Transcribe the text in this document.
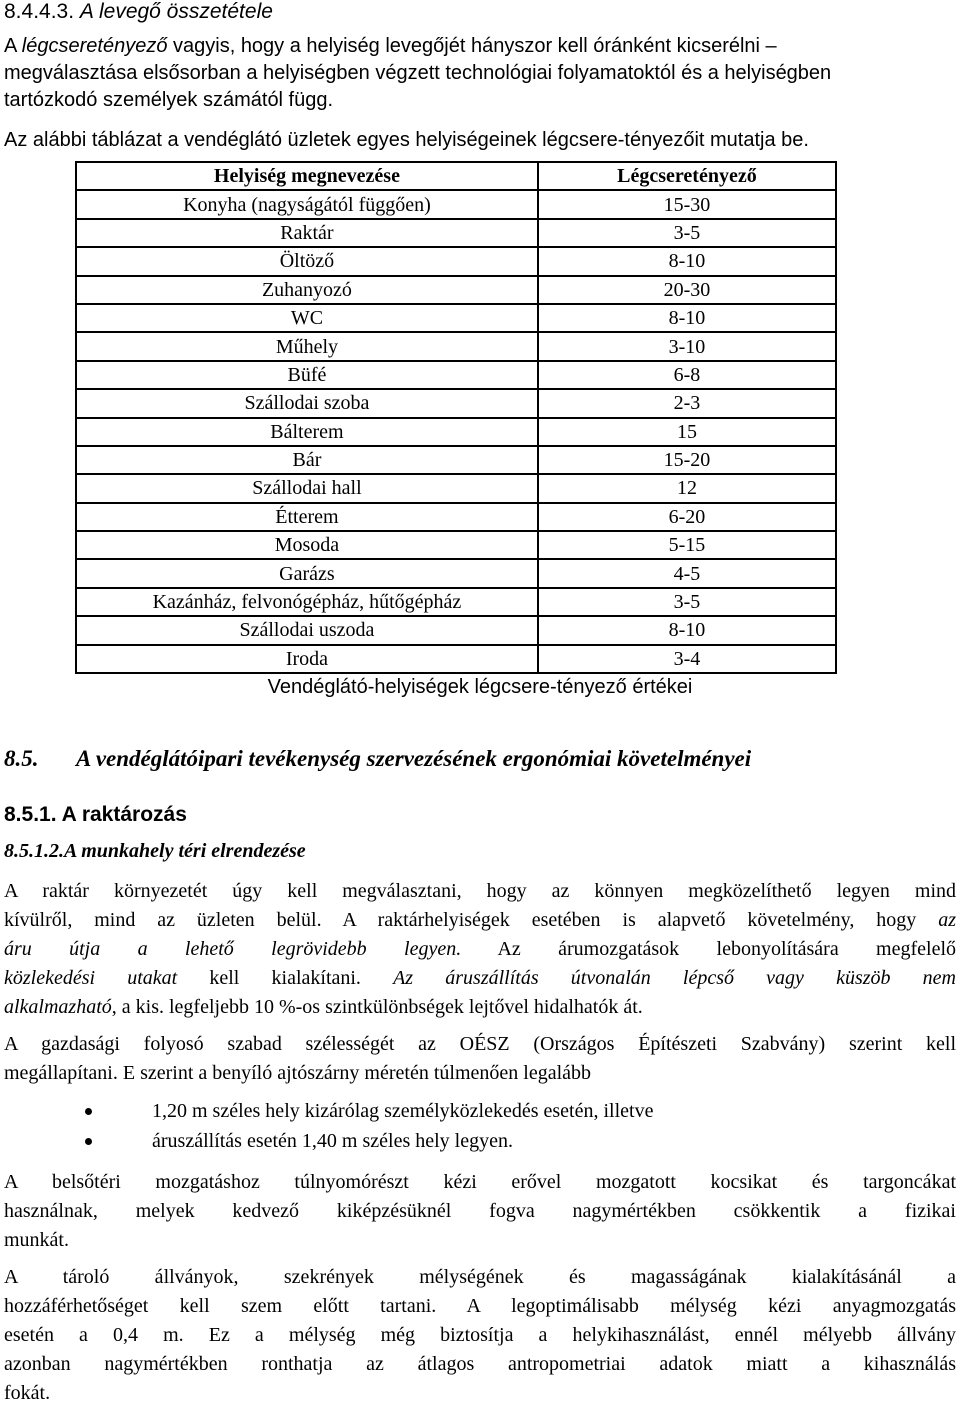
8.4.4.3. A levegő összetétele
A légcseretényező vagyis, hogy a helyiség levegőjét hányszor kell óránként kicserélni –
megválasztása elsősorban a helyiségben végzett technológiai folyamatoktól és a helyiségben
tartózkodó személyek számától függ.
Az alábbi táblázat a vendéglátó üzletek egyes helyiségeinek légcsere-tényezőit mutatja be.
Helyiség megnevezése	Légcseretényező
Konyha (nagyságától függően)	15-30
Raktár	3-5
Öltöző	8-10
Zuhanyozó	20-30
WC	8-10
Műhely	3-10
Büfé	6-8
Szállodai szoba	2-3
Bálterem	15
Bár	15-20
Szállodai hall	12
Étterem	6-20
Mosoda	5-15
Garázs	4-5
Kazánház, felvonógépház, hűtőgépház	3-5
Szállodai uszoda	8-10
Iroda	3-4
Vendéglátó-helyiségek légcsere-tényező értékei
8.5. A vendéglátóipari tevékenység szervezésének ergonómiai követelményei
8.5.1. A raktározás
8.5.1.2.A munkahely téri elrendezése
A raktár környezetét úgy kell megválasztani, hogy az könnyen megközelíthető legyen mind
kívülről, mind az üzleten belül. A raktárhelyiségek esetében is alapvető követelmény, hogy az
áru útja a lehető legrövidebb legyen. Az árumozgatások lebonyolítására megfelelő
közlekedési utakat kell kialakítani. Az áruszállítás útvonalán lépcső vagy küszöb nem
alkalmazható, a kis. legfeljebb 10 %-os szintkülönbségek lejtővel hidalhatók át.
A gazdasági folyosó szabad szélességét az OÉSZ (Országos Építészeti Szabvány) szerint kell
megállapítani. E szerint a benyíló ajtószárny méretén túlmenően legalább
1,20 m széles hely kizárólag személyközlekedés esetén, illetve
áruszállítás esetén 1,40 m széles hely legyen.
A belsőtéri mozgatáshoz túlnyomórészt kézi erővel mozgatott kocsikat és targoncákat
használnak, melyek kedvező kiképzésüknél fogva nagymértékben csökkentik a fizikai
munkát.
A tároló állványok, szekrények mélységének és magasságának kialakításánál a
hozzáférhetőséget kell szem előtt tartani. A legoptimálisabb mélység kézi anyagmozgatás
esetén a 0,4 m. Ez a mélység még biztosítja a helykihasználást, ennél mélyebb állvány
azonban nagymértékben ronthatja az átlagos antropometriai adatok miatt a kihasználás
fokát.
